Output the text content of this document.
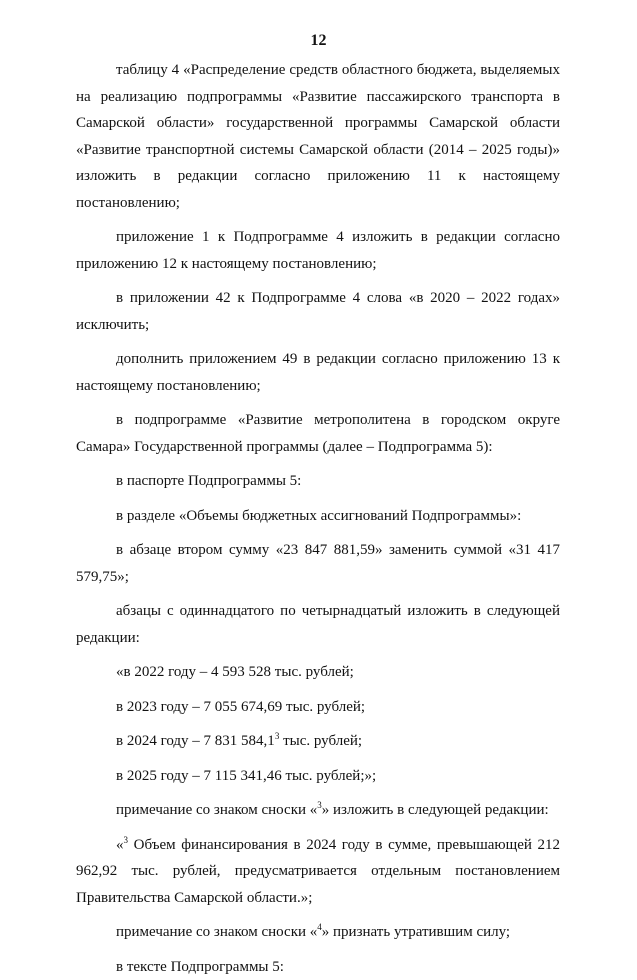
12

таблицу 4 «Распределение средств областного бюджета, выделяемых на реализацию подпрограммы «Развитие пассажирского транспорта в Самарской области» государственной программы Самарской области «Развитие транспортной системы Самарской области (2014 – 2025 годы)» изложить в редакции согласно приложению 11 к настоящему постановлению;

приложение 1 к Подпрограмме 4 изложить в редакции согласно приложению 12 к настоящему постановлению;

в приложении 42 к Подпрограмме 4 слова «в 2020 – 2022 годах» исключить;

дополнить приложением 49 в редакции согласно приложению 13 к настоящему постановлению;

в подпрограмме «Развитие метрополитена в городском округе Самара» Государственной программы (далее – Подпрограмма 5):

в паспорте Подпрограммы 5:

в разделе «Объемы бюджетных ассигнований Подпрограммы»:

в абзаце втором сумму «23 847 881,59» заменить суммой «31 417 579,75»;

абзацы с одиннадцатого по четырнадцатый изложить в следующей редакции:

«в 2022 году – 4 593 528 тыс. рублей;

в 2023 году – 7 055 674,69 тыс. рублей;

в 2024 году – 7 831 584,1$^3$ тыс. рублей;

в 2025 году – 7 115 341,46 тыс. рублей;»;

примечание со знаком сноски «$^3$» изложить в следующей редакции:

«$^3$ Объем финансирования в 2024 году в сумме, превышающей 212 962,92 тыс. рублей, предусматривается отдельным постановлением Правительства Самарской области.»;

примечание со знаком сноски «$^4$» признать утратившим силу;

в тексте Подпрограммы 5:
